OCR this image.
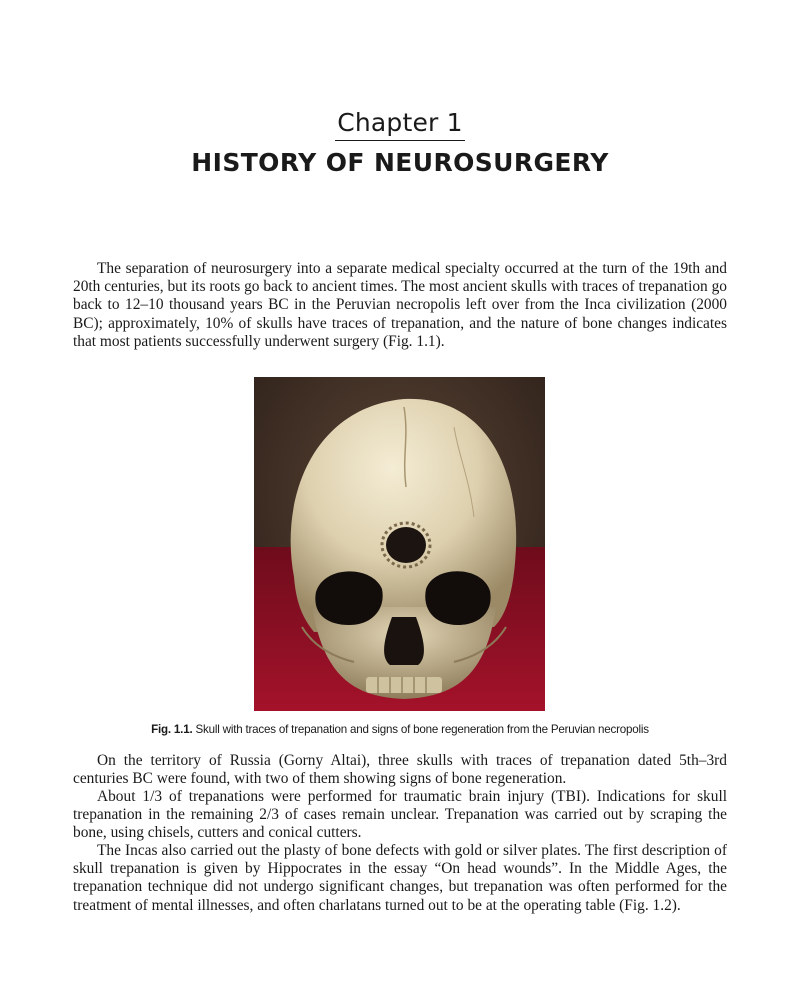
Chapter 1
HISTORY OF NEUROSURGERY

The separation of neurosurgery into a separate medical specialty occurred at the turn of the 19th and 20th centuries, but its roots go back to ancient times. The most ancient skulls with traces of trepanation go back to 12–10 thousand years BC in the Peruvian necropolis left over from the Inca civilization (2000 BC); approximately, 10% of skulls have traces of trepanation, and the nature of bone changes indicates that most patients successfully underwent surgery (Fig. 1.1).

Fig. 1.1. Skull with traces of trepanation and signs of bone regeneration from the Peruvian necropolis

On the territory of Russia (Gorny Altai), three skulls with traces of trepanation dated 5th–3rd centuries BC were found, with two of them showing signs of bone regeneration.

About 1/3 of trepanations were performed for traumatic brain injury (TBI). Indications for skull trepanation in the remaining 2/3 of cases remain unclear. Trepanation was carried out by scraping the bone, using chisels, cutters and conical cutters.

The Incas also carried out the plasty of bone defects with gold or silver plates. The first description of skull trepanation is given by Hippocrates in the essay “On head wounds”. In the Middle Ages, the trepanation technique did not undergo significant changes, but trepanation was often performed for the treatment of mental illnesses, and often charlatans turned out to be at the operating table (Fig. 1.2).
